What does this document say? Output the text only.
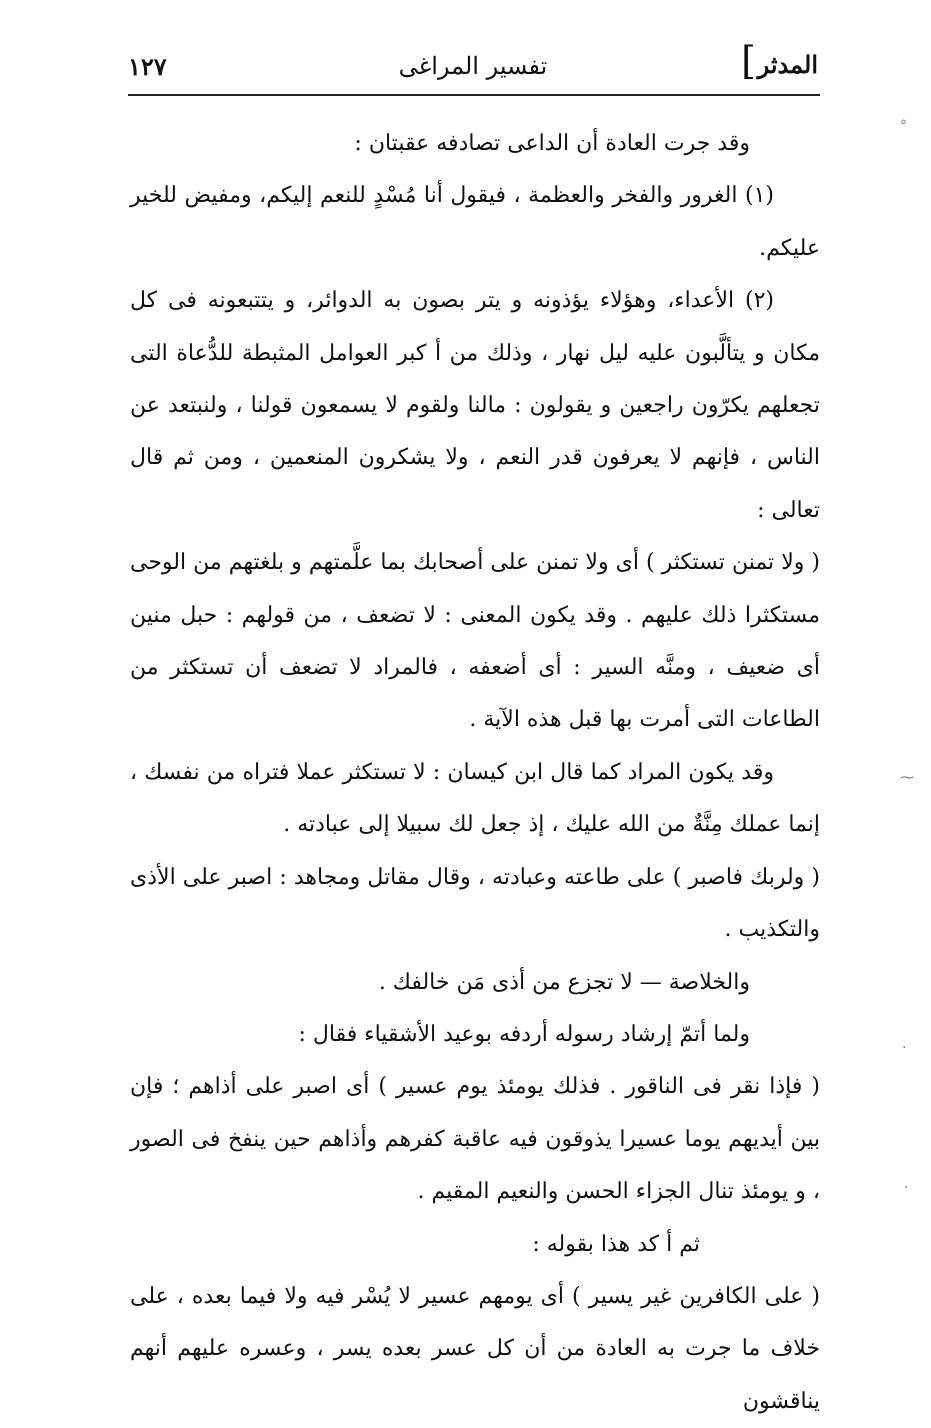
المدثر
]
تفسير المراغى
١٢٧

وقد جرت العادة أن الداعى تصادفه عقبتان :

(١) الغرور والفخر والعظمة ، فيقول أنا مُسْدٍ للنعم إليكم، ومفيض للخير عليكم.

(٢) الأعداء، وهؤلاء يؤذونه و يتر بصون به الدوائر، و يتتبعونه فى كل مكان و يتألَّبون عليه ليل نهار ، وذلك من أ كبر العوامل المثبطة للدُّعاة التى تجعلهم يكرّون راجعين و يقولون : مالنا ولقوم لا يسمعون قولنا ، ولنبتعد عن الناس ، فإنهم لا يعرفون قدر النعم ، ولا يشكرون المنعمين ، ومن ثم قال تعالى :

( ولا تمنن تستكثر ) أى ولا تمنن على أصحابك بما علَّمتهم و بلغتهم من الوحى مستكثرا ذلك عليهم . وقد يكون المعنى : لا تضعف ، من قولهم : حبل منين أى ضعيف ، ومنَّه السير : أى أضعفه ، فالمراد لا تضعف أن تستكثر من الطاعات التى أمرت بها قبل هذه الآية .

وقد يكون المراد كما قال ابن كيسان : لا تستكثر عملا فتراه من نفسك ، إنما عملك مِنَّةٌ من الله عليك ، إذ جعل لك سبيلا إلى عبادته .

( ولربك فاصبر ) على طاعته وعبادته ، وقال مقاتل ومجاهد : اصبر على الأذى والتكذيب .

والخلاصة — لا تجزع من أذى مَن خالفك .

ولما أتمّ إرشاد رسوله أردفه بوعيد الأشقياء فقال :

( فإذا نقر فى الناقور . فذلك يومئذ يوم عسير ) أى اصبر على أذاهم ؛ فإن بين أيديهم يوما عسيرا يذوقون فيه عاقبة كفرهم وأذاهم حين ينفخ فى الصور ، و يومئذ تنال الجزاء الحسن والنعيم المقيم .

ثم أ كد هذا بقوله :

( على الكافرين غير يسير ) أى يومهم عسير لا يُسْر فيه ولا فيما بعده ، على خلاف ما جرت به العادة من أن كل عسر بعده يسر ، وعسره عليهم أنهم يناقشون

°
⁓
·
·
